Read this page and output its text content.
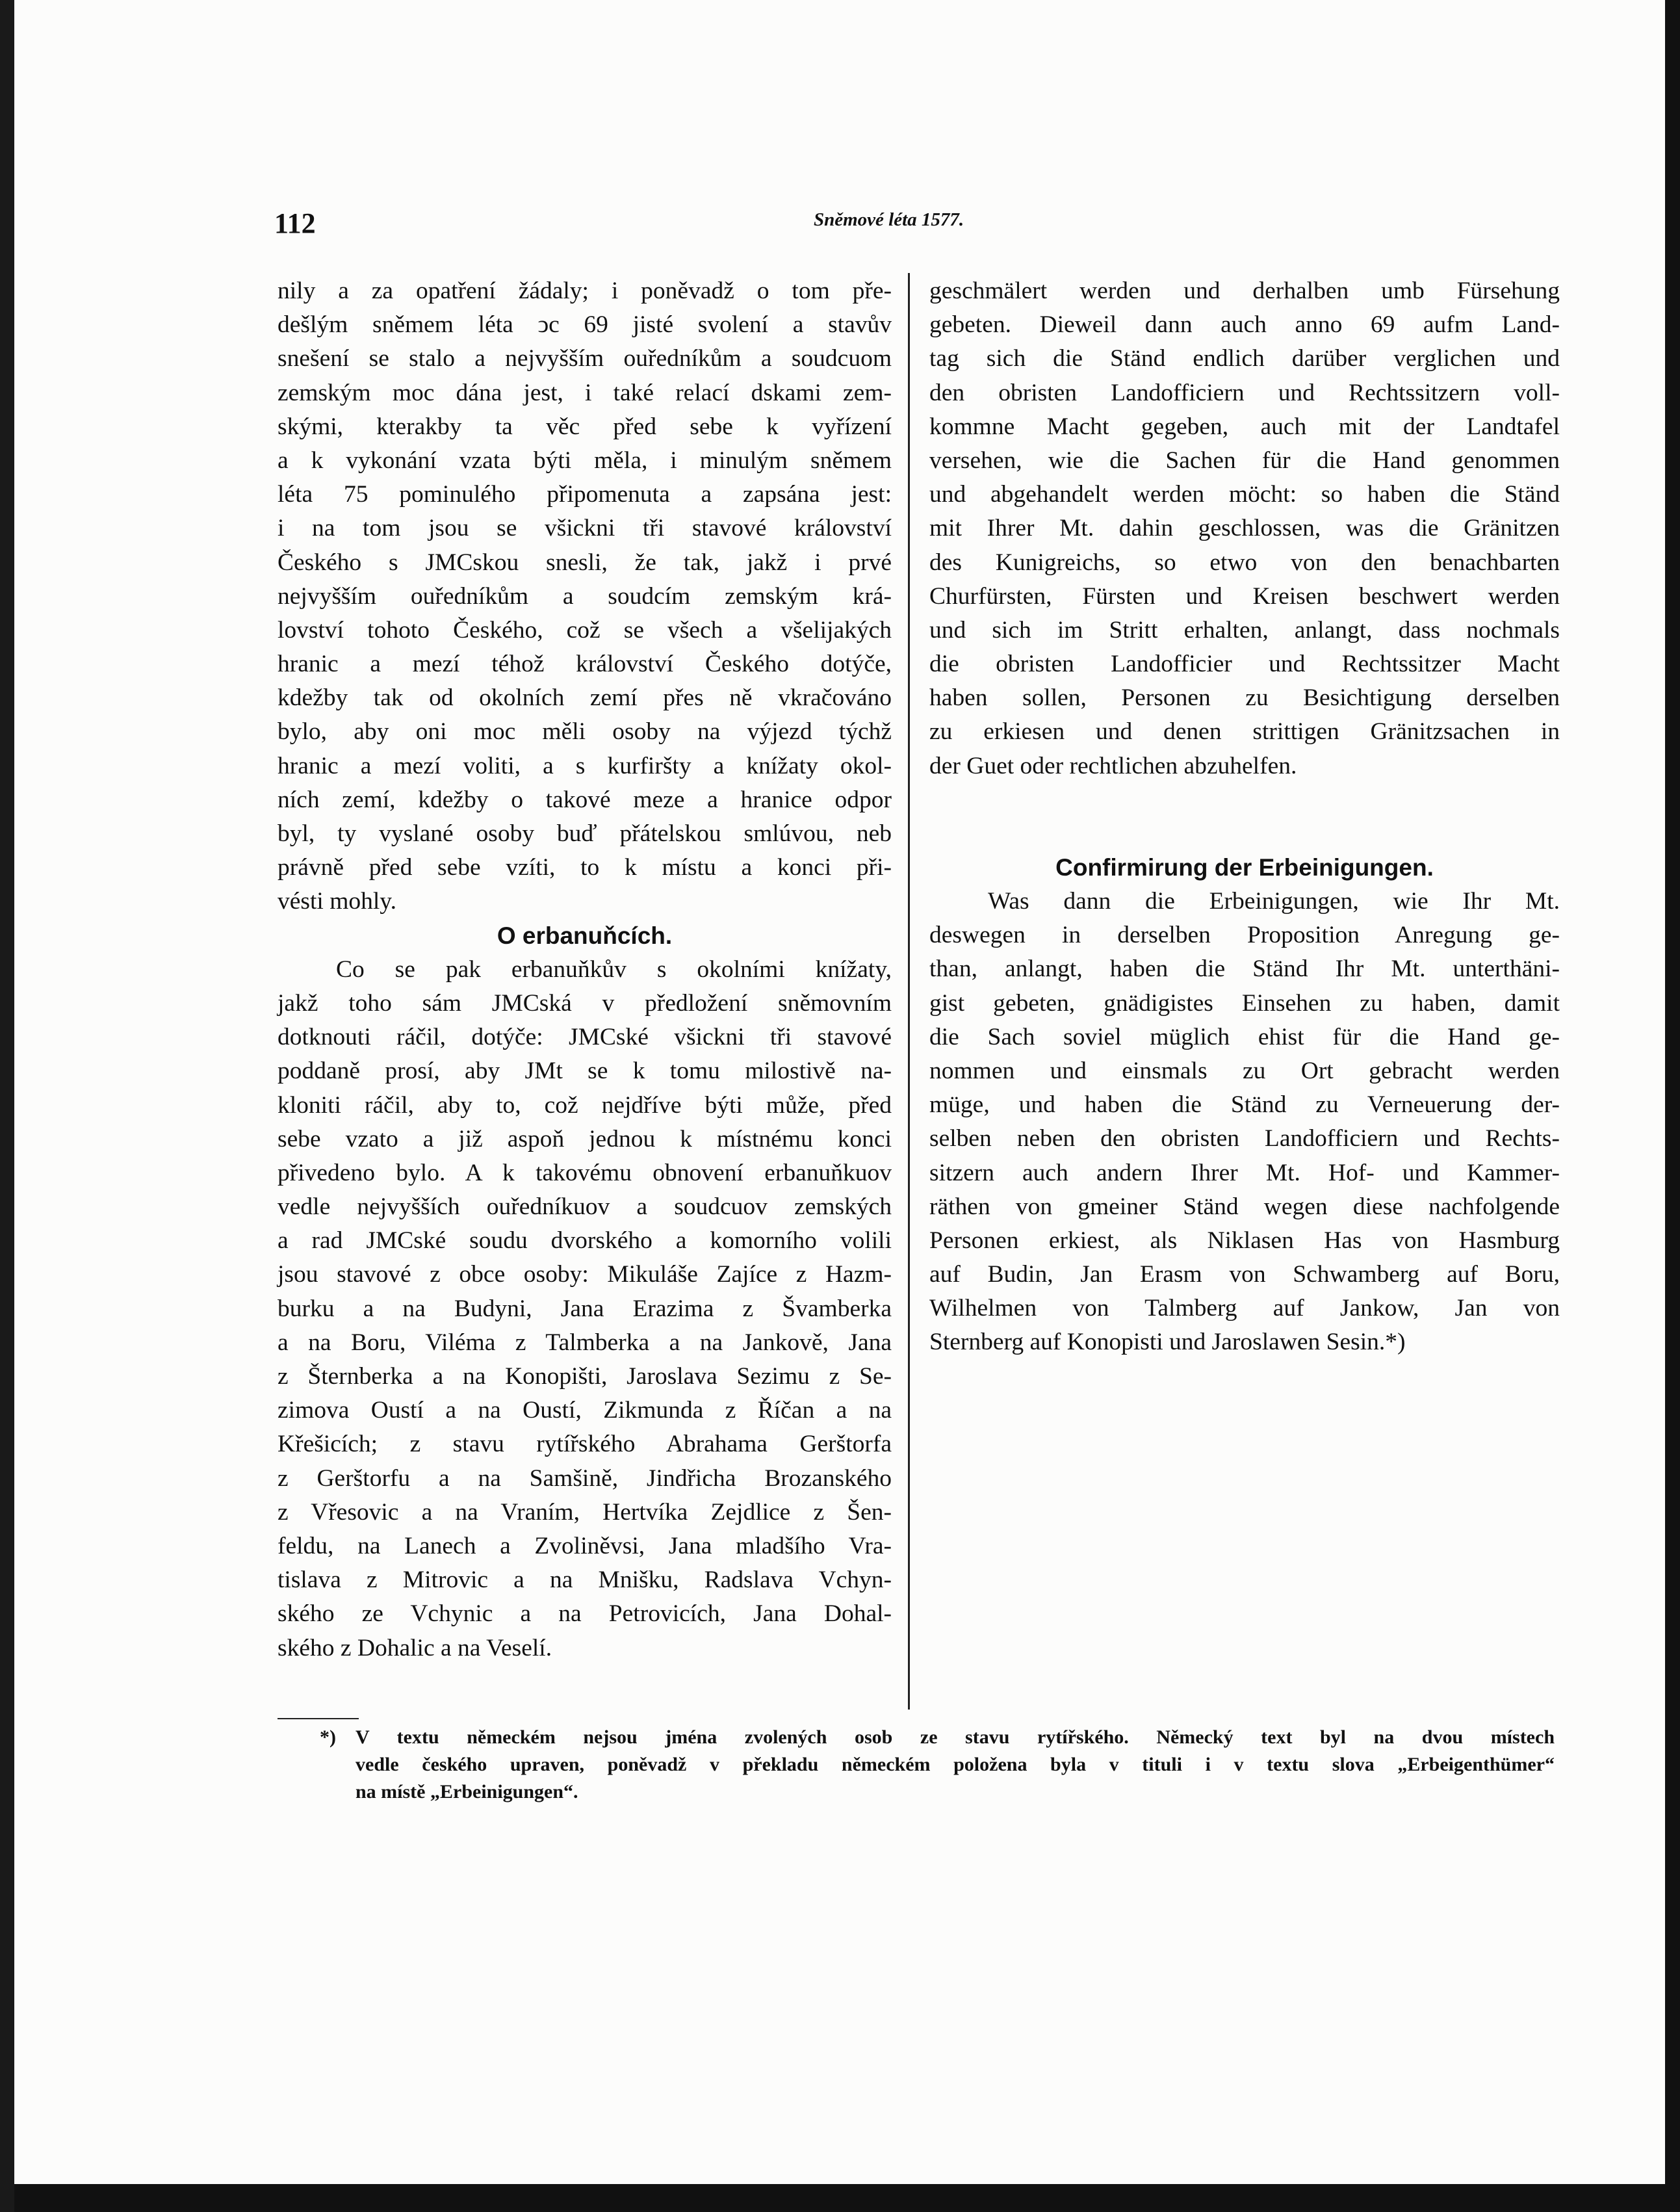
112	Sněmové léta 1577.
nily a za opatření žádaly; i poněvadž o tom pře-
dešlým sněmem léta ↄc 69 jisté svolení a stavův
snešení se stalo a nejvyšším ouředníkům a soudcuom
zemským moc dána jest, i také relací dskami zem-
skými, kterakby ta věc před sebe k vyřízení
a k vykonání vzata býti měla, i minulým sněmem
léta 75 pominulého připomenuta a zapsána jest:
i na tom jsou se všickni tři stavové království
Českého s JMCskou snesli, že tak, jakž i prvé
nejvyšším ouředníkům a soudcím zemským krá-
lovství tohoto Českého, což se všech a všelijakých
hranic a mezí téhož království Českého dotýče,
kdežby tak od okolních zemí přes ně vkračováno
bylo, aby oni moc měli osoby na výjezd týchž
hranic a mezí voliti, a s kurfiršty a knížaty okol-
ních zemí, kdežby o takové meze a hranice odpor
byl, ty vyslané osoby buď přátelskou smlúvou, neb
právně před sebe vzíti, to k místu a konci při-
vésti mohly.
O erbanuňcích.
Co se pak erbanuňkův s okolními knížaty,
jakž toho sám JMCská v předložení sněmovním
dotknouti ráčil, dotýče: JMCské všickni tři stavové
poddaně prosí, aby JMt se k tomu milostivě na-
kloniti ráčil, aby to, což nejdříve býti může, před
sebe vzato a již aspoň jednou k místnému konci
přivedeno bylo. A k takovému obnovení erbanuňkuov
vedle nejvyšších ouředníkuov a soudcuov zemských
a rad JMCské soudu dvorského a komorního volili
jsou stavové z obce osoby: Mikuláše Zajíce z Hazm-
burku a na Budyni, Jana Erazima z Švamberka
a na Boru, Viléma z Talmberka a na Jankově, Jana
z Šternberka a na Konopišti, Jaroslava Sezimu z Se-
zimova Oustí a na Oustí, Zikmunda z Říčan a na
Křešicích; z stavu rytířského Abrahama Gerštorfa
z Gerštorfu a na Samšině, Jindřicha Brozanského
z Vřesovic a na Vraním, Hertvíka Zejdlice z Šen-
feldu, na Lanech a Zvoliněvsi, Jana mladšího Vra-
tislava z Mitrovic a na Mnišku, Radslava Vchyn-
ského ze Vchynic a na Petrovicích, Jana Dohal-
ského z Dohalic a na Veselí.
geschmälert werden und derhalben umb Fürsehung
gebeten. Dieweil dann auch anno 69 aufm Land-
tag sich die Ständ endlich darüber verglichen und
den obristen Landofficiern und Rechtssitzern voll-
kommne Macht gegeben, auch mit der Landtafel
versehen, wie die Sachen für die Hand genommen
und abgehandelt werden möcht: so haben die Ständ
mit Ihrer Mt. dahin geschlossen, was die Gränitzen
des Kunigreichs, so etwo von den benachbarten
Churfürsten, Fürsten und Kreisen beschwert werden
und sich im Stritt erhalten, anlangt, dass nochmals
die obristen Landofficier und Rechtssitzer Macht
haben sollen, Personen zu Besichtigung derselben
zu erkiesen und denen strittigen Gränitzsachen in
der Guet oder rechtlichen abzuhelfen.
Confirmirung der Erbeinigungen.
Was dann die Erbeinigungen, wie Ihr Mt.
deswegen in derselben Proposition Anregung ge-
than, anlangt, haben die Ständ Ihr Mt. unterthäni-
gist gebeten, gnädigistes Einsehen zu haben, damit
die Sach soviel müglich ehist für die Hand ge-
nommen und einsmals zu Ort gebracht werden
müge, und haben die Ständ zu Verneuerung der-
selben neben den obristen Landofficiern und Rechts-
sitzern auch andern Ihrer Mt. Hof- und Kammer-
räthen von gmeiner Ständ wegen diese nachfolgende
Personen erkiest, als Niklasen Has von Hasmburg
auf Budin, Jan Erasm von Schwamberg auf Boru,
Wilhelmen von Talmberg auf Jankow, Jan von
Sternberg auf Konopisti und Jaroslawen Sesin.*)
*) V textu německém nejsou jména zvolených osob ze stavu rytířského. Německý text byl na dvou místech
vedle českého upraven, poněvadž v překladu německém položena byla v tituli i v textu slova „Erbeigenthümer“
na místě „Erbeinigungen“.
